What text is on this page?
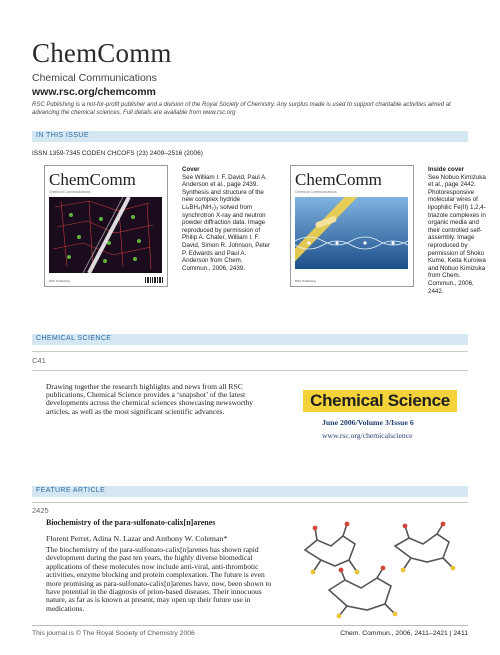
ChemComm
Chemical Communications
www.rsc.org/chemcomm
RSC Publishing is a not-for-profit publisher and a division of the Royal Society of Chemistry. Any surplus made is used to support charitable activities aimed at advancing the chemical sciences. Full details are available from www.rsc.org
IN THIS ISSUE
ISSN 1359-7345 CODEN CHCOFS (23) 2409–2516 (2006)
ChemComm
Chemical Communications
RSC Publishing
Cover
See William I. F. David, Paul A. Anderson et al., page 2439. Synthesis and structure of the new complex hydride Li₄BH₄(NH₂)₃ solved from synchrotron X-ray and neutron powder diffraction data. Image reproduced by permission of Philip A. Chater, William I. F. David, Simon R. Johnson, Peter P. Edwards and Paul A. Anderson from Chem. Commun., 2006, 2439.
ChemComm
Chemical Communications
RSC Publishing
Inside cover
See Nobuo Kimizuka et al., page 2442. Photoresponsive molecular wires of lipophilic Fe(II) 1,2,4-triazole complexes in organic media and their controlled self-assembly. Image reproduced by permission of Shoko Kume, Keita Kuroiwa and Nobuo Kimizuka from Chem. Commun., 2006, 2442.
CHEMICAL SCIENCE
C41
Drawing together the research highlights and news from all RSC publications, Chemical Science provides a ‘snapshot’ of the latest developments across the chemical sciences showcasing newsworthy articles, as well as the most significant scientific advances.
Chemical Science
June 2006/Volume 3/Issue 6
www.rsc.org/chemicalscience
FEATURE ARTICLE
2425
Biochemistry of the para-sulfonato-calix[n]arenes
Florent Perret, Adina N. Lazar and Anthony W. Coleman*
The biochemistry of the para-sulfonato-calix[n]arenes has shown rapid development during the past ten years, the highly diverse biomedical applications of these molecules now include anti-viral, anti-thrombotic activities, enzyme blocking and protein complexation. The future is even more promising as para-sulfonato-calix[n]arenes have, now, been shown to have potential in the diagnosis of prion-based diseases. Their innocuous nature, as far as is known at present, may open up their future use in medications.
This journal is © The Royal Society of Chemistry 2006	Chem. Commun., 2006, 2411–2421 | 2411
